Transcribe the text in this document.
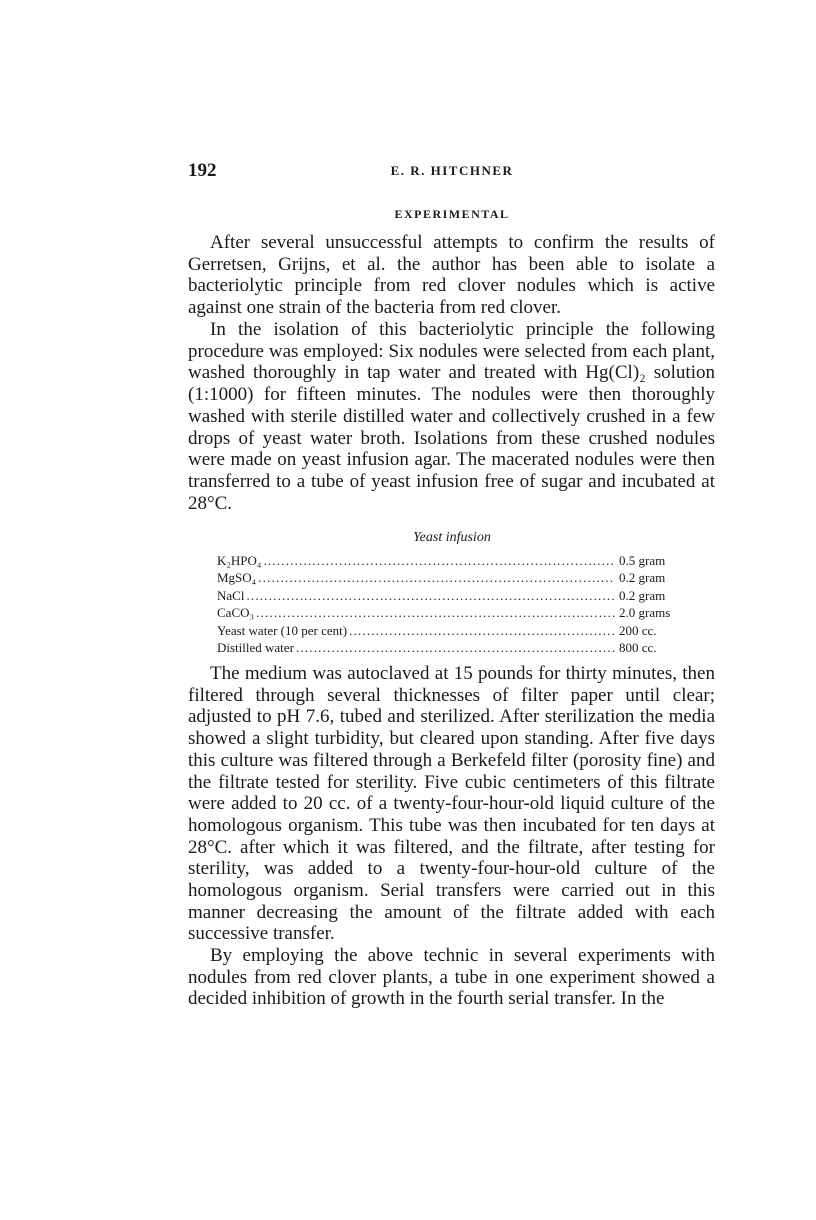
192	E. R. HITCHNER
EXPERIMENTAL

After several unsuccessful attempts to confirm the results of Gerretsen, Grijns, et al. the author has been able to isolate a bacteriolytic principle from red clover nodules which is active against one strain of the bacteria from red clover.

In the isolation of this bacteriolytic principle the following procedure was employed: Six nodules were selected from each plant, washed thoroughly in tap water and treated with Hg(Cl)₂ solution (1:1000) for fifteen minutes. The nodules were then thoroughly washed with sterile distilled water and collectively crushed in a few drops of yeast water broth. Isolations from these crushed nodules were made on yeast infusion agar. The macerated nodules were then transferred to a tube of yeast infusion free of sugar and incubated at 28°C.

Yeast infusion
K₂HPO₄ .....	0.5 gram
MgSO₄ .....	0.2 gram
NaCl .....	0.2 gram
CaCO₃ .....	2.0 grams
Yeast water (10 per cent) .....	200 cc.
Distilled water .....	800 cc.

The medium was autoclaved at 15 pounds for thirty minutes, then filtered through several thicknesses of filter paper until clear; adjusted to pH 7.6, tubed and sterilized. After sterilization the media showed a slight turbidity, but cleared upon standing. After five days this culture was filtered through a Berkefeld filter (porosity fine) and the filtrate tested for sterility. Five cubic centimeters of this filtrate were added to 20 cc. of a twenty-four-hour-old liquid culture of the homologous organism. This tube was then incubated for ten days at 28°C. after which it was filtered, and the filtrate, after testing for sterility, was added to a twenty-four-hour-old culture of the homologous organism. Serial transfers were carried out in this manner decreasing the amount of the filtrate added with each successive transfer.

By employing the above technic in several experiments with nodules from red clover plants, a tube in one experiment showed a decided inhibition of growth in the fourth serial transfer. In the
